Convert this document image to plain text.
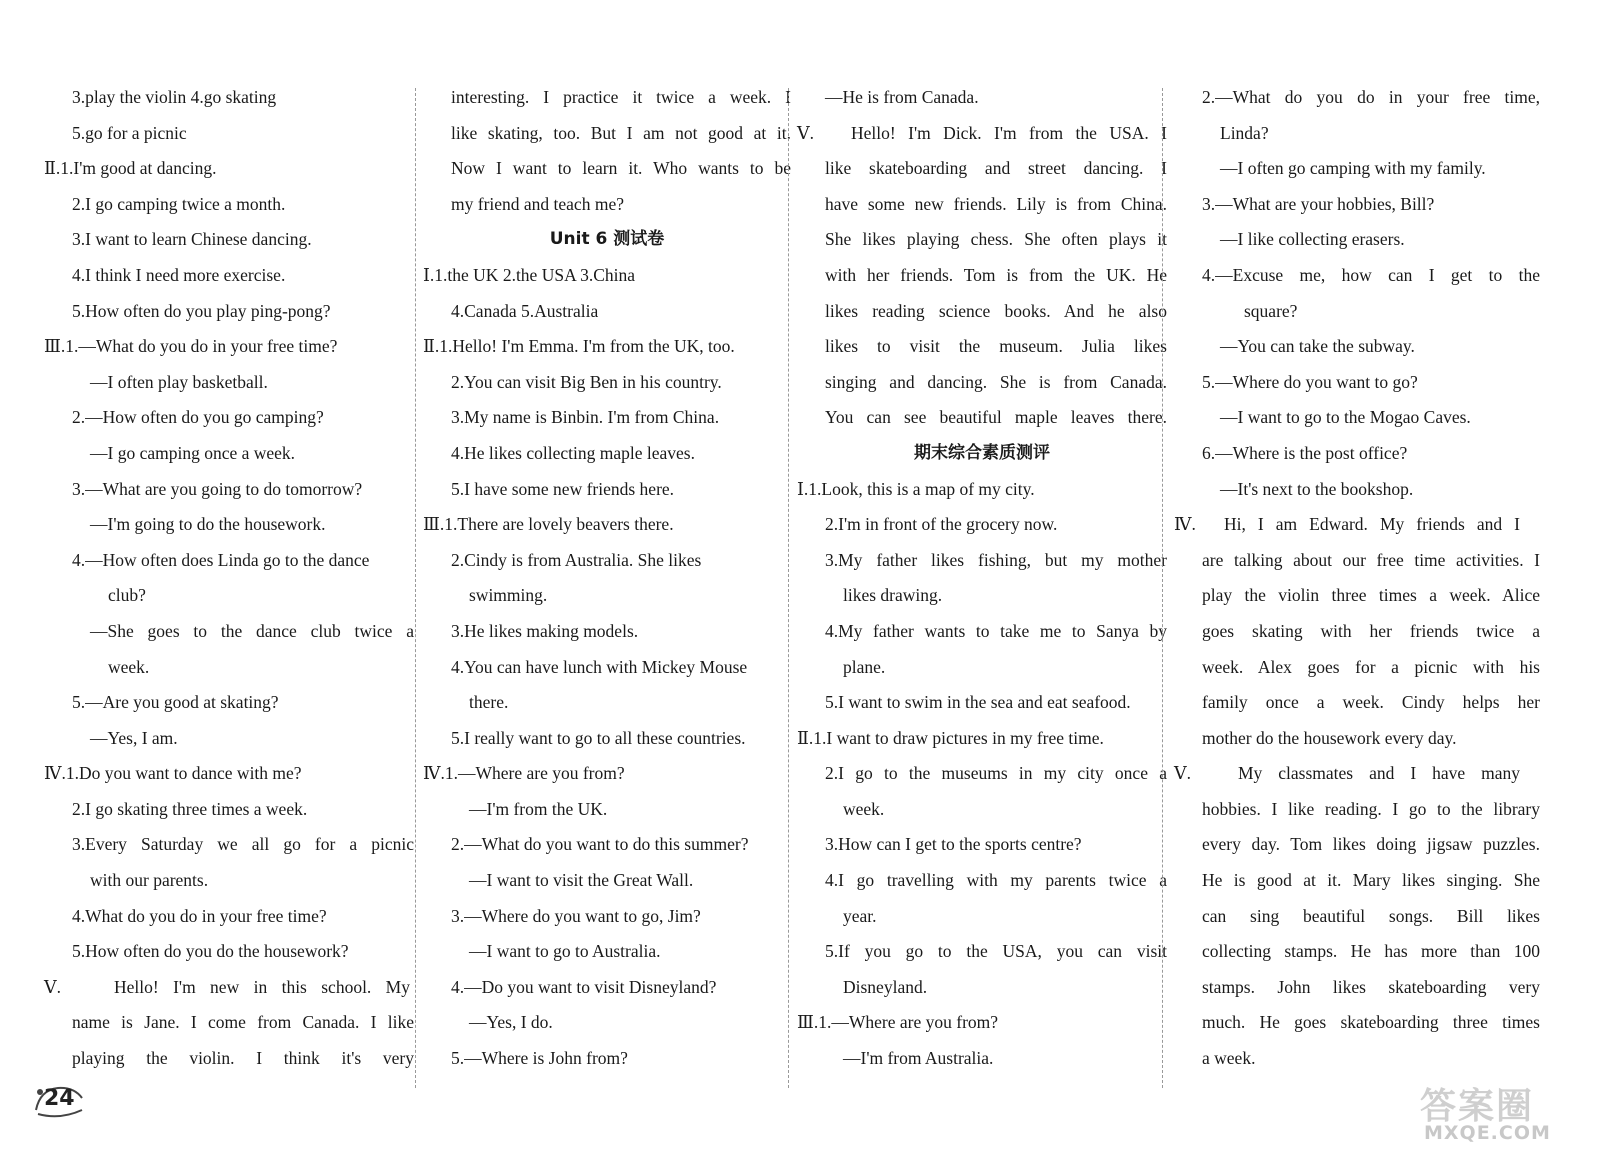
3.play the violin 4.go skating
5.go for a picnic
Ⅱ.1.I'm good at dancing.
2.I go camping twice a month.
3.I want to learn Chinese dancing.
4.I think I need more exercise.
5.How often do you play ping-pong?
Ⅲ.1.—What do you do in your free time?
—I often play basketball.
2.—How often do you go camping?
—I go camping once a week.
3.—What are you going to do tomorrow?
—I'm going to do the housework.
4.—How often does Linda go to the dance
club?
—She goes to the dance club twice a
week.
5.—Are you good at skating?
—Yes, I am.
Ⅳ.1.Do you want to dance with me?
2.I go skating three times a week.
3.Every Saturday we all go for a picnic
with our parents.
4.What do you do in your free time?
5.How often do you do the housework?
Ⅴ.	Hello! I'm new in this school. My
name is Jane. I come from Canada. I like
playing the violin. I think it's very
interesting. I practice it twice a week. I
like skating, too. But I am not good at it.
Now I want to learn it. Who wants to be
my friend and teach me?
Unit 6 测试卷
Ⅰ.1.the UK 2.the USA 3.China
4.Canada 5.Australia
Ⅱ.1.Hello! I'm Emma. I'm from the UK, too.
2.You can visit Big Ben in his country.
3.My name is Binbin. I'm from China.
4.He likes collecting maple leaves.
5.I have some new friends here.
Ⅲ.1.There are lovely beavers there.
2.Cindy is from Australia. She likes
swimming.
3.He likes making models.
4.You can have lunch with Mickey Mouse
there.
5.I really want to go to all these countries.
Ⅳ.1.—Where are you from?
—I'm from the UK.
2.—What do you want to do this summer?
—I want to visit the Great Wall.
3.—Where do you want to go, Jim?
—I want to go to Australia.
4.—Do you want to visit Disneyland?
—Yes, I do.
5.—Where is John from?
—He is from Canada.
Ⅴ. Hello! I'm Dick. I'm from the USA. I
like skateboarding and street dancing. I
have some new friends. Lily is from China.
She likes playing chess. She often plays it
with her friends. Tom is from the UK. He
likes reading science books. And he also
likes to visit the museum. Julia likes
singing and dancing. She is from Canada.
You can see beautiful maple leaves there.
期末综合素质测评
Ⅰ.1.Look, this is a map of my city.
2.I'm in front of the grocery now.
3.My father likes fishing, but my mother
likes drawing.
4.My father wants to take me to Sanya by
plane.
5.I want to swim in the sea and eat seafood.
Ⅱ.1.I want to draw pictures in my free time.
2.I go to the museums in my city once a
week.
3.How can I get to the sports centre?
4.I go travelling with my parents twice a
year.
5.If you go to the USA, you can visit
Disneyland.
Ⅲ.1.—Where are you from?
—I'm from Australia.
2.—What do you do in your free time,
Linda?
—I often go camping with my family.
3.—What are your hobbies, Bill?
—I like collecting erasers.
4.—Excuse me, how can I get to the
square?
—You can take the subway.
5.—Where do you want to go?
—I want to go to the Mogao Caves.
6.—Where is the post office?
—It's next to the bookshop.
Ⅳ. Hi, I am Edward. My friends and I
are talking about our free time activities. I
play the violin three times a week. Alice
goes skating with her friends twice a
week. Alex goes for a picnic with his
family once a week. Cindy helps her
mother do the housework every day.
Ⅴ.	My classmates and I have many
hobbies. I like reading. I go to the library
every day. Tom likes doing jigsaw puzzles.
He is good at it. Mary likes singing. She
can sing beautiful songs. Bill likes
collecting stamps. He has more than 100
stamps. John likes skateboarding very
much. He goes skateboarding three times
a week.
24	答案圈
MXQE.COM
